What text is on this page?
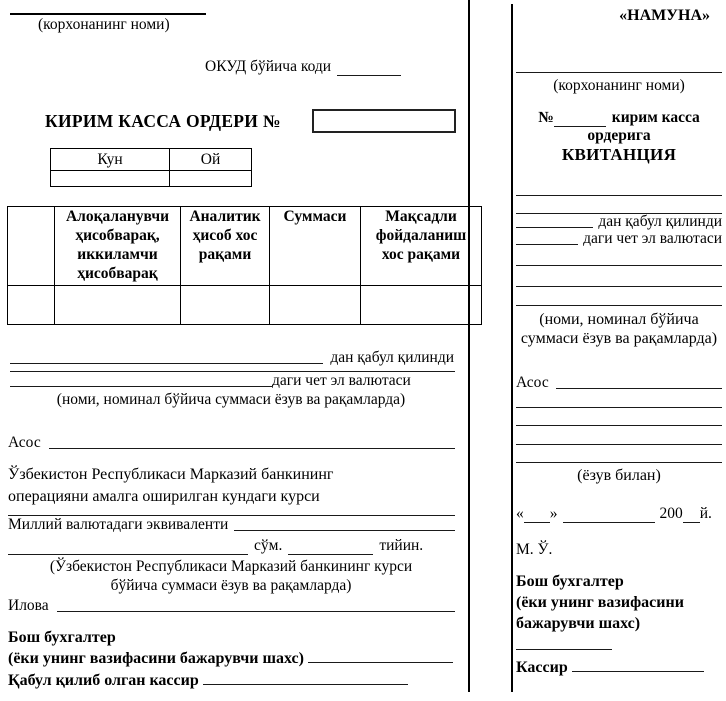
(корхонанинг номи)
ОКУД бўйича коди
КИРИМ КАССА ОРДЕРИ №
Кун	Ой

	Алоқаланувчи ҳисобварақ, иккиламчи ҳисобварақ	Аналитик ҳисоб хос рақами	Суммаси	Мақсадли фойдаланиш хос рақами

дан қабул қилинди
даги чет эл валютаси
(номи, номинал бўйича суммаси ёзув ва рақамларда)
Асос
Ўзбекистон Республикаси Марказий банкининг
операцияни амалга оширилган кундаги курси
Миллий валютадаги эквиваленти
сўм.	тийин.
(Ўзбекистон Республикаси Марказий банкининг курси
бўйича суммаси ёзув ва рақамларда)
Илова
Бош бухгалтер
(ёки унинг вазифасини бажарувчи шахс)
Қабул қилиб олган кассир
«НАМУНА»
(корхонанинг номи)
№	кирим касса
ордерига
КВИТАНЦИЯ
дан қабул қилинди
даги чет эл валютаси
(номи, номинал бўйича
суммаси ёзув ва рақамларда)
Асос
(ёзув билан)
« »	200 й.
М. Ў.
Бош бухгалтер
(ёки унинг вазифасини
бажарувчи шахс)
Кассир
